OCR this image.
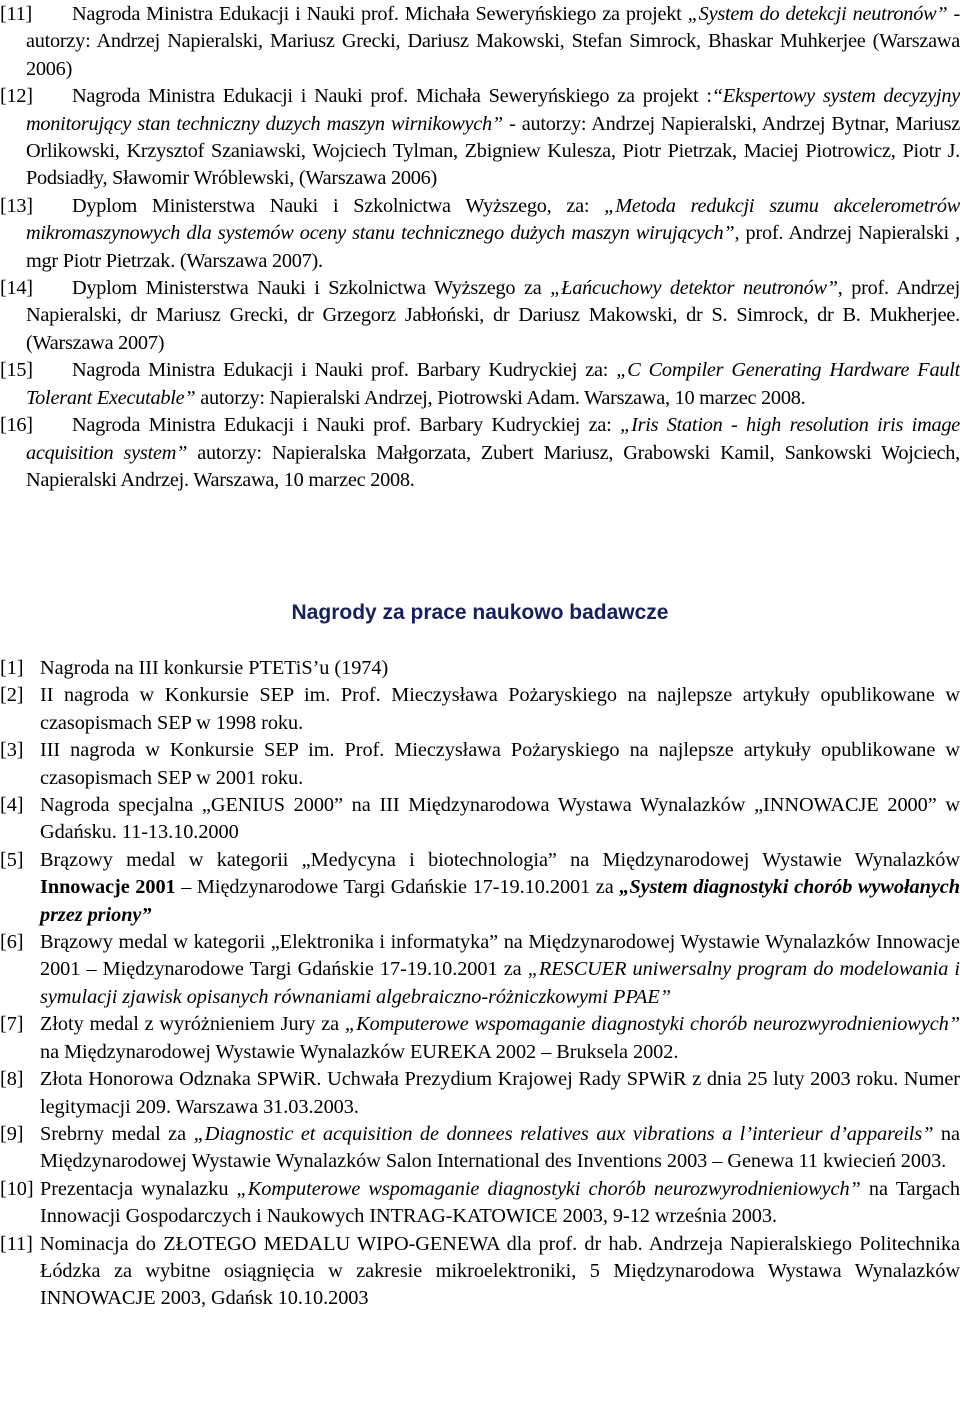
[11] Nagroda Ministra Edukacji i Nauki prof. Michała Seweryńskiego za projekt „System do detekcji neutronów” - autorzy: Andrzej Napieralski, Mariusz Grecki, Dariusz Makowski, Stefan Simrock, Bhaskar Muhkerjee (Warszawa 2006)
[12] Nagroda Ministra Edukacji i Nauki prof. Michała Seweryńskiego za projekt :“Ekspertowy system decyzyjny monitorujący stan techniczny duzych maszyn wirnikowych” - autorzy: Andrzej Napieralski, Andrzej Bytnar, Mariusz Orlikowski, Krzysztof Szaniawski, Wojciech Tylman, Zbigniew Kulesza, Piotr Pietrzak, Maciej Piotrowicz, Piotr J. Podsiadły, Sławomir Wróblewski, (Warszawa 2006)
[13] Dyplom Ministerstwa Nauki i Szkolnictwa Wyższego, za: „Metoda redukcji szumu akcelerometrów mikromaszynowych dla systemów oceny stanu technicznego dużych maszyn wirujących”, prof. Andrzej Napieralski , mgr Piotr Pietrzak. (Warszawa 2007).
[14] Dyplom Ministerstwa Nauki i Szkolnictwa Wyższego za „Łańcuchowy detektor neutronów”, prof. Andrzej Napieralski, dr Mariusz Grecki, dr Grzegorz Jabłoński, dr Dariusz Makowski, dr S. Simrock, dr B. Mukherjee. (Warszawa 2007)
[15] Nagroda Ministra Edukacji i Nauki prof. Barbary Kudryckiej za: „C Compiler Generating Hardware Fault Tolerant Executable” autorzy: Napieralski Andrzej, Piotrowski Adam. Warszawa, 10 marzec 2008.
[16] Nagroda Ministra Edukacji i Nauki prof. Barbary Kudryckiej za: „Iris Station - high resolution iris image acquisition system” autorzy: Napieralska Małgorzata, Zubert Mariusz, Grabowski Kamil, Sankowski Wojciech, Napieralski Andrzej. Warszawa, 10 marzec 2008.
Nagrody za prace naukowo badawcze
[1] Nagroda na III konkursie PTETiS’u (1974)
[2] II nagroda w Konkursie SEP im. Prof. Mieczysława Pożaryskiego na najlepsze artykuły opublikowane w czasopismach SEP w 1998 roku.
[3] III nagroda w Konkursie SEP im. Prof. Mieczysława Pożaryskiego na najlepsze artykuły opublikowane w czasopismach SEP w 2001 roku.
[4] Nagroda specjalna „GENIUS 2000” na III Międzynarodowa Wystawa Wynalazków „INNOWACJE 2000” w Gdańsku. 11-13.10.2000
[5] Brązowy medal w kategorii „Medycyna i biotechnologia” na Międzynarodowej Wystawie Wynalazków Innowacje 2001 – Międzynarodowe Targi Gdańskie 17-19.10.2001 za „System diagnostyki chorób wywołanych przez priony”
[6] Brązowy medal w kategorii „Elektronika i informatyka” na Międzynarodowej Wystawie Wynalazków Innowacje 2001 – Międzynarodowe Targi Gdańskie 17-19.10.2001 za „RESCUER uniwersalny program do modelowania i symulacji zjawisk opisanych równaniami algebraiczno-różniczkowymi PPAE”
[7] Złoty medal z wyróżnieniem Jury za „Komputerowe wspomaganie diagnostyki chorób neurozwyrodnieniowych” na Międzynarodowej Wystawie Wynalazków EUREKA 2002 – Bruksela 2002.
[8] Złota Honorowa Odznaka SPWiR. Uchwała Prezydium Krajowej Rady SPWiR z dnia 25 luty 2003 roku. Numer legitymacji 209. Warszawa 31.03.2003.
[9] Srebrny medal za „Diagnostic et acquisition de donnees relatives aux vibrations a l’interieur d’appareils” na Międzynarodowej Wystawie Wynalazków Salon International des Inventions 2003 – Genewa 11 kwiecień 2003.
[10] Prezentacja wynalazku „Komputerowe wspomaganie diagnostyki chorób neurozwyrodnieniowych” na Targach Innowacji Gospodarczych i Naukowych INTRAG-KATOWICE 2003, 9-12 września 2003.
[11] Nominacja do ZŁOTEGO MEDALU WIPO-GENEWA dla prof. dr hab. Andrzeja Napieralskiego Politechnika Łódzka za wybitne osiągnięcia w zakresie mikroelektroniki, 5 Międzynarodowa Wystawa Wynalazków INNOWACJE 2003, Gdańsk 10.10.2003
